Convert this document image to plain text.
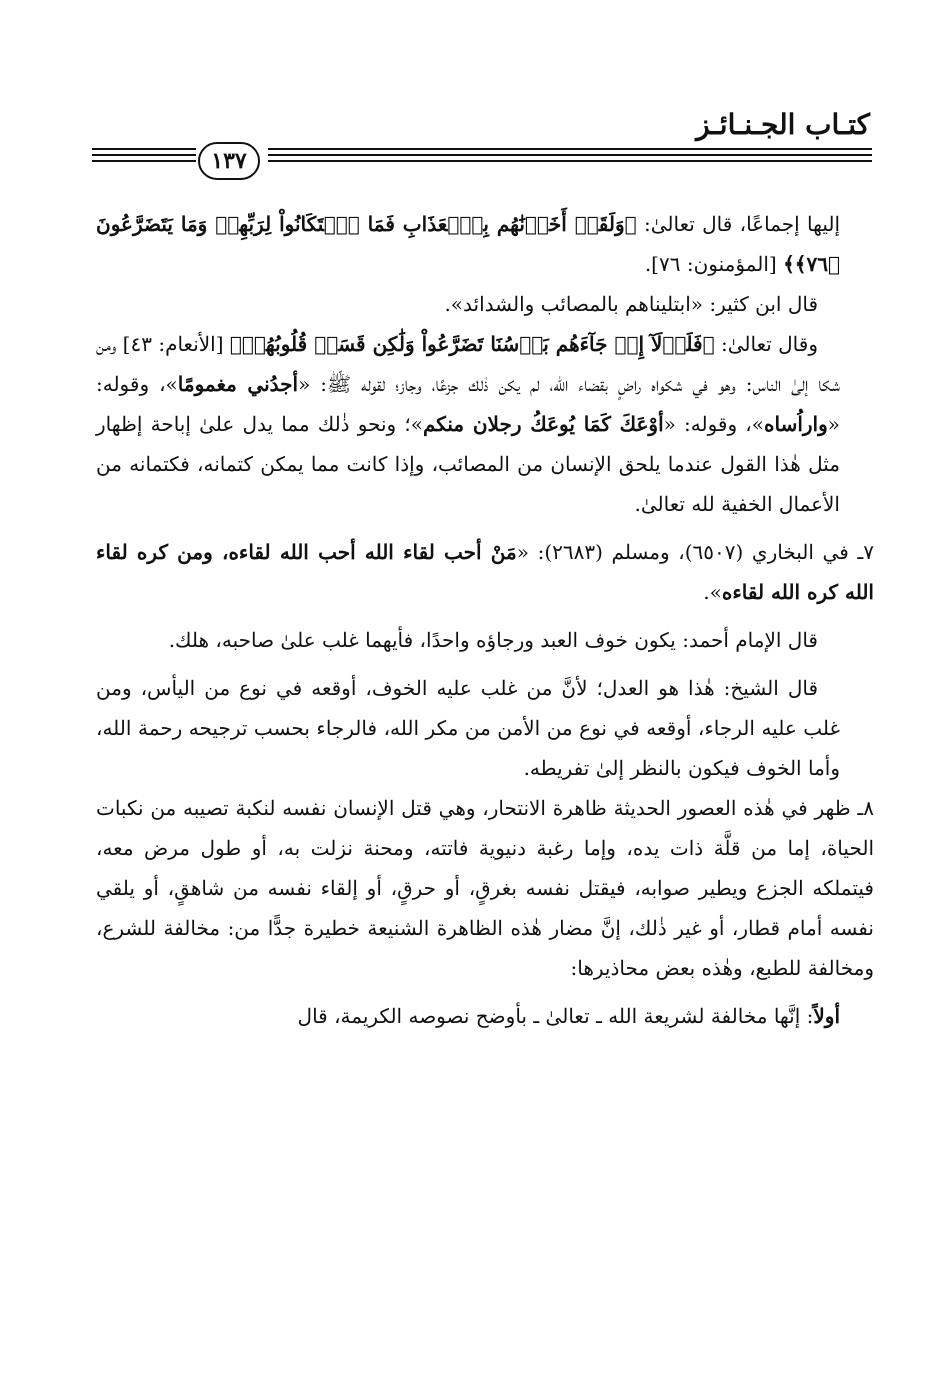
كتـاب الجـنـائـز
١٣٧

إليها إجماعًا، قال تعالىٰ: ﴿وَلَقَدۡ أَخَذۡنَٰهُم بِٱلۡعَذَابِ فَمَا ٱسۡتَكَانُواْ لِرَبِّهِمۡ وَمَا يَتَضَرَّعُونَ ﴿٧٦﴾﴾ [المؤمنون: ٧٦].

قال ابن كثير: «ابتليناهم بالمصائب والشدائد».

وقال تعالىٰ: ﴿فَلَوۡلَآ إِذۡ جَآءَهُم بَأۡسُنَا تَضَرَّعُواْ وَلَٰكِن قَسَتۡ قُلُوبُهُمۡ﴾ [الأنعام: ٤٣] ومن شكا إلىٰ الناس: وهو في شكواه راضٍ بقضاء الله، لم يكن ذٰلك جزعًا، وجاز؛ لقوله ﷺ: «أجدُني مغمومًا»، وقوله: «واراُساه»، وقوله: «أوْعَكَ كَمَا يُوعَكُ رجلان منكم»؛ ونحو ذٰلك مما يدل علىٰ إباحة إظهار مثل هٰذا القول عندما يلحق الإنسان من المصائب، وإذا كانت مما يمكن كتمانه، فكتمانه من الأعمال الخفية لله تعالىٰ.

٧ـ في البخاري (٦٥٠٧)، ومسلم (٢٦٨٣): «مَنْ أحب لقاء الله أحب الله لقاءه، ومن كره لقاء الله كره الله لقاءه».

قال الإمام أحمد: يكون خوف العبد ورجاؤه واحدًا، فأيهما غلب علىٰ صاحبه، هلك.

قال الشيخ: هٰذا هو العدل؛ لأنَّ من غلب عليه الخوف، أوقعه في نوع من اليأس، ومن غلب عليه الرجاء، أوقعه في نوع من الأمن من مكر الله، فالرجاء بحسب ترجيحه رحمة الله، وأما الخوف فيكون بالنظر إلىٰ تفريطه.

٨ـ ظهر في هٰذه العصور الحديثة ظاهرة الانتحار، وهي قتل الإنسان نفسه لنكبة تصيبه من نكبات الحياة، إما من قلَّة ذات يده، وإما رغبة دنيوية فاتته، ومحنة نزلت به، أو طول مرض معه، فيتملكه الجزع ويطير صوابه، فيقتل نفسه بغرقٍ، أو حرقٍ، أو إلقاء نفسه من شاهقٍ، أو يلقي نفسه أمام قطار، أو غير ذٰلك، إنَّ مضار هٰذه الظاهرة الشنيعة خطيرة جدًّا من: مخالفة للشرع، ومخالفة للطبع، وهٰذه بعض محاذيرها:

أولاً: إنَّها مخالفة لشريعة الله ـ تعالىٰ ـ بأوضح نصوصه الكريمة، قال
